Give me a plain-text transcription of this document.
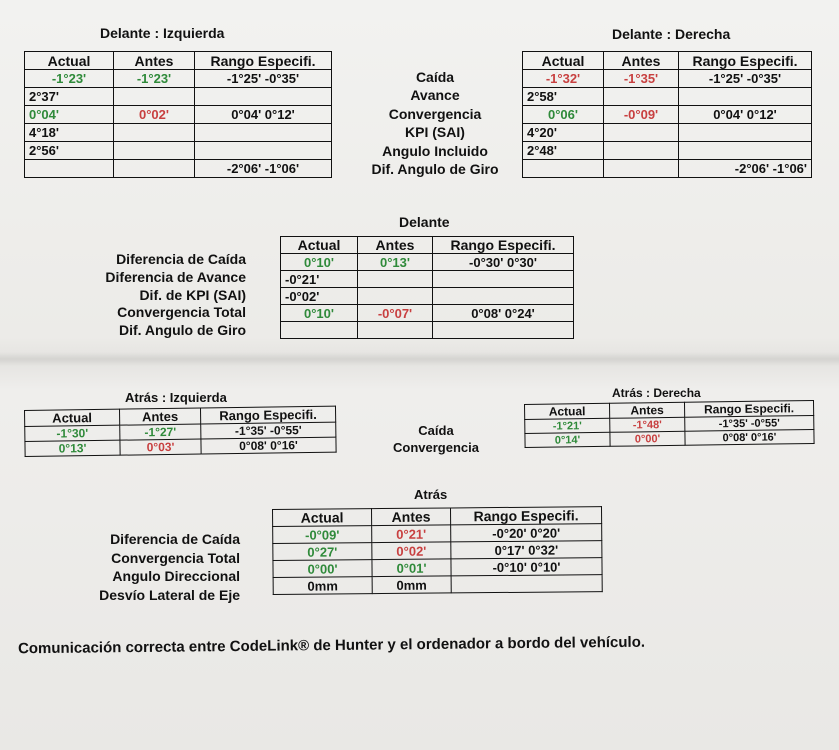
Delante : Izquierda
Actual	Antes	Rango Especifi.
-1°23'	-1°23'	-1°25' -0°35'
2°37'		
0°04'	0°02'	0°04' 0°12'
4°18'		
2°56'		
		-2°06' -1°06'
Caída
Avance
Convergencia
KPI (SAI)
Angulo Incluido
Dif. Angulo de Giro
Delante : Derecha
Actual	Antes	Rango Especifi.
-1°32'	-1°35'	-1°25' -0°35'
2°58'		
0°06'	-0°09'	0°04' 0°12'
4°20'		
2°48'		
		-2°06' -1°06'
Delante
Diferencia de Caída
Diferencia de Avance
Dif. de KPI (SAI)
Convergencia Total
Dif. Angulo de Giro
Actual	Antes	Rango Especifi.
0°10'	0°13'	-0°30' 0°30'
-0°21'		
-0°02'		
0°10'	-0°07'	0°08' 0°24'

Atrás : Izquierda
Actual	Antes	Rango Especifi.
-1°30'	-1°27'	-1°35' -0°55'
0°13'	0°03'	0°08' 0°16'
Caída
Convergencia
Atrás : Derecha
Actual	Antes	Rango Especifi.
-1°21'	-1°48'	-1°35' -0°55'
0°14'	0°00'	0°08' 0°16'
Atrás
Diferencia de Caída
Convergencia Total
Angulo Direccional
Desvío Lateral de Eje
Actual	Antes	Rango Especifi.
-0°09'	0°21'	-0°20' 0°20'
0°27'	0°02'	0°17' 0°32'
0°00'	0°01'	-0°10' 0°10'
0mm	0mm	
Comunicación correcta entre CodeLink® de Hunter y el ordenador a bordo del vehículo.
